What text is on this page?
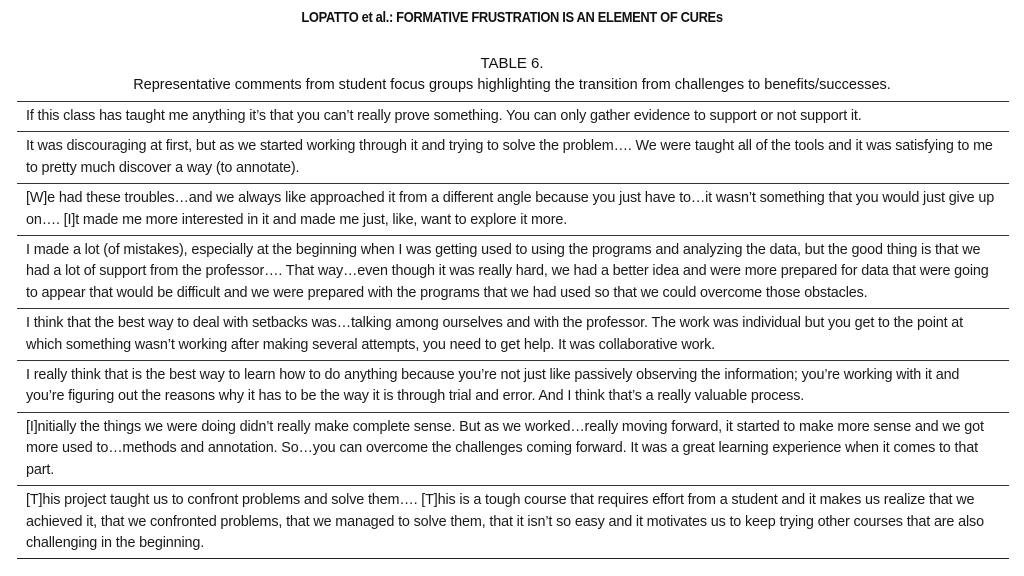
LOPATTO et al.: FORMATIVE FRUSTRATION IS AN ELEMENT OF CUREs
TABLE 6.
Representative comments from student focus groups highlighting the transition from challenges to benefits/successes.
If this class has taught me anything it’s that you can’t really prove something. You can only gather evidence to support or not support it.
It was discouraging at first, but as we started working through it and trying to solve the problem…. We were taught all of the tools and it was satisfying to me to pretty much discover a way (to annotate).
[W]e had these troubles…and we always like approached it from a different angle because you just have to…it wasn’t something that you would just give up on…. [I]t made me more interested in it and made me just, like, want to explore it more.
I made a lot (of mistakes), especially at the beginning when I was getting used to using the programs and analyzing the data, but the good thing is that we had a lot of support from the professor…. That way…even though it was really hard, we had a better idea and were more prepared for data that were going to appear that would be difficult and we were prepared with the programs that we had used so that we could overcome those obstacles.
I think that the best way to deal with setbacks was…talking among ourselves and with the professor. The work was individual but you get to the point at which something wasn’t working after making several attempts, you need to get help. It was collaborative work.
I really think that is the best way to learn how to do anything because you’re not just like passively observing the information; you’re working with it and you’re figuring out the reasons why it has to be the way it is through trial and error. And I think that’s a really valuable process.
[I]nitially the things we were doing didn’t really make complete sense. But as we worked…really moving forward, it started to make more sense and we got more used to…methods and annotation. So…you can overcome the challenges coming forward. It was a great learning experience when it comes to that part.
[T]his project taught us to confront problems and solve them…. [T]his is a tough course that requires effort from a student and it makes us realize that we achieved it, that we confronted problems, that we managed to solve them, that it isn’t so easy and it motivates us to keep trying other courses that are also challenging in the beginning.
